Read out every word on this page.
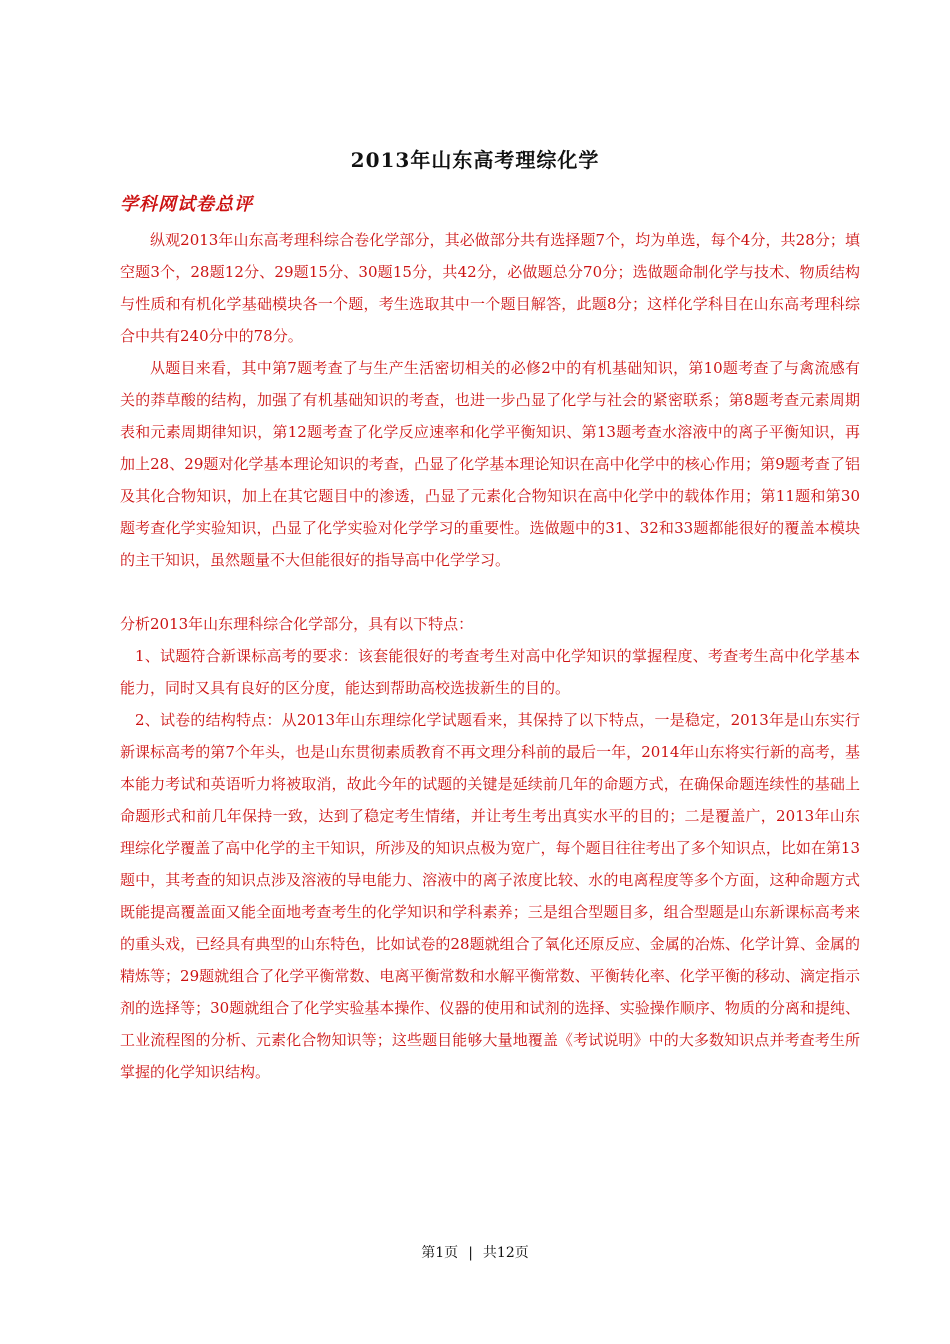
2013年山东高考理综化学
学科网试卷总评

纵观2013年山东高考理科综合卷化学部分，其必做部分共有选择题7个，均为单选，每个4分，共28分；填空题3个，28题12分、29题15分、30题15分，共42分，必做题总分70分；选做题命制化学与技术、物质结构与性质和有机化学基础模块各一个题，考生选取其中一个题目解答，此题8分；这样化学科目在山东高考理科综合中共有240分中的78分。

从题目来看，其中第7题考查了与生产生活密切相关的必修2中的有机基础知识，第10题考查了与禽流感有关的莽草酸的结构，加强了有机基础知识的考查，也进一步凸显了化学与社会的紧密联系；第8题考查元素周期表和元素周期律知识，第12题考查了化学反应速率和化学平衡知识、第13题考查水溶液中的离子平衡知识，再加上28、29题对化学基本理论知识的考查，凸显了化学基本理论知识在高中化学中的核心作用；第9题考查了铝及其化合物知识，加上在其它题目中的渗透，凸显了元素化合物知识在高中化学中的载体作用；第11题和第30题考查化学实验知识，凸显了化学实验对化学学习的重要性。选做题中的31、32和33题都能很好的覆盖本模块的主干知识，虽然题量不大但能很好的指导高中化学学习。

分析2013年山东理科综合化学部分，具有以下特点：

1、试题符合新课标高考的要求：该套能很好的考查考生对高中化学知识的掌握程度、考查考生高中化学基本能力，同时又具有良好的区分度，能达到帮助高校选拔新生的目的。

2、试卷的结构特点：从2013年山东理综化学试题看来，其保持了以下特点，一是稳定，2013年是山东实行新课标高考的第7个年头，也是山东贯彻素质教育不再文理分科前的最后一年，2014年山东将实行新的高考，基本能力考试和英语听力将被取消，故此今年的试题的关键是延续前几年的命题方式，在确保命题连续性的基础上命题形式和前几年保持一致，达到了稳定考生情绪，并让考生考出真实水平的目的；二是覆盖广，2013年山东理综化学覆盖了高中化学的主干知识，所涉及的知识点极为宽广，每个题目往往考出了多个知识点，比如在第13题中，其考查的知识点涉及溶液的导电能力、溶液中的离子浓度比较、水的电离程度等多个方面，这种命题方式既能提高覆盖面又能全面地考查考生的化学知识和学科素养；三是组合型题目多，组合型题是山东新课标高考来的重头戏，已经具有典型的山东特色，比如试卷的28题就组合了氧化还原反应、金属的冶炼、化学计算、金属的精炼等；29题就组合了化学平衡常数、电离平衡常数和水解平衡常数、平衡转化率、化学平衡的移动、滴定指示剂的选择等；30题就组合了化学实验基本操作、仪器的使用和试剂的选择、实验操作顺序、物质的分离和提纯、工业流程图的分析、元素化合物知识等；这些题目能够大量地覆盖《考试说明》中的大多数知识点并考查考生所掌握的化学知识结构。

第1页 | 共12页
